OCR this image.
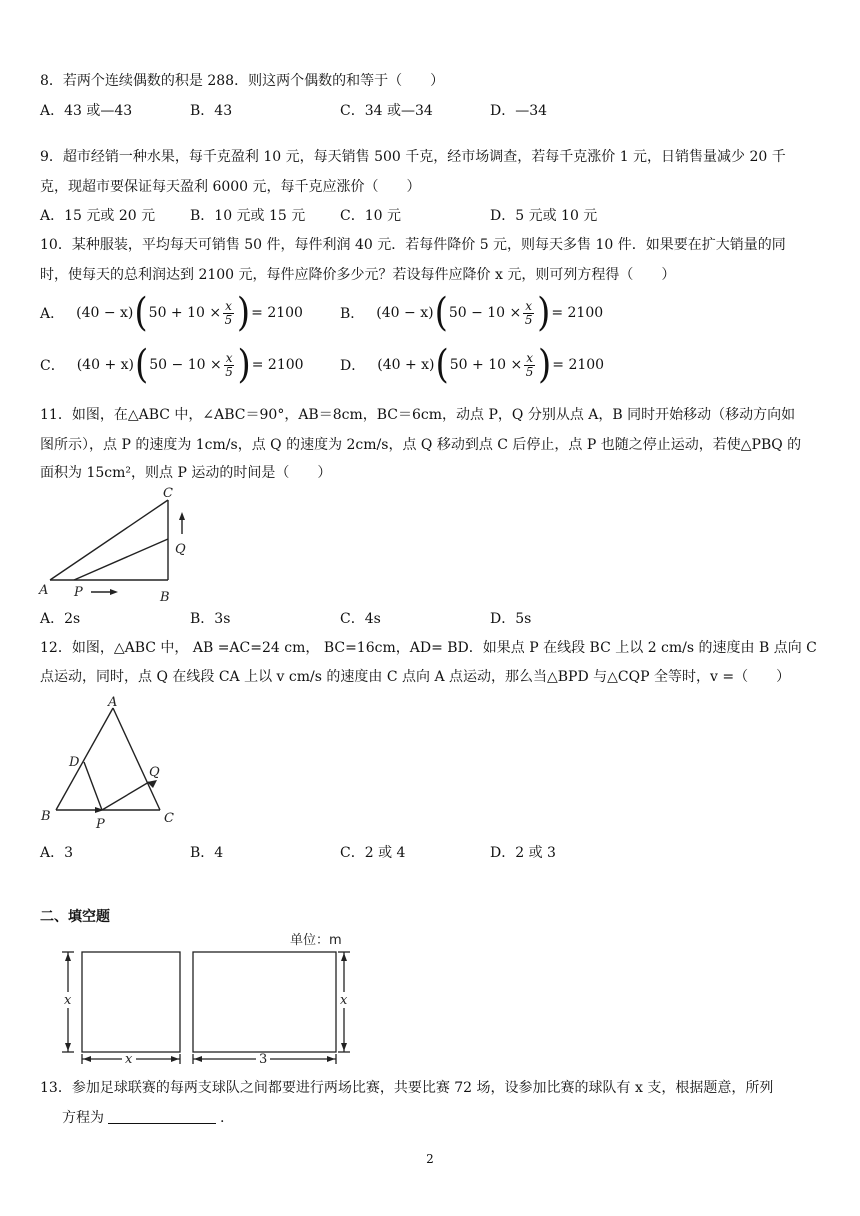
8．若两个连续偶数的积是 288．则这两个偶数的和等于（　　）
A．43 或—43	B．43	C．34 或—34	D．—34
9．超市经销一种水果，每千克盈利 10 元，每天销售 500 千克，经市场调查，若每千克涨价 1 元，日销售量减少 20 千
克，现超市要保证每天盈利 6000 元，每千克应涨价（　　）
A．15 元或 20 元 B．10 元或 15 元 C．10 元	D．5 元或 10 元
10．某种服装，平均每天可销售 50 件，每件利润 40 元．若每件降价 5 元，则每天多售 10 件．如果要在扩大销量的同
时，使每天的总利润达到 2100 元，每件应降价多少元？若设每件应降价 x 元，则可列方程得（　　）
A． (40 − x) ( $50 + 10 \times \frac{x}{5}$ ) = 2100	B． (40 − x) ( $50 - 10 \times \frac{x}{5}$ ) = 2100
C． (40 + x) ( $50 - 10 \times \frac{x}{5}$ ) = 2100	D． (40 + x) ( $50 + 10 \times \frac{x}{5}$ ) = 2100
11．如图，在△ABC 中，∠ABC＝90°，AB＝8cm，BC＝6cm，动点 P，Q 分别从点 A，B 同时开始移动（移动方向如
图所示），点 P 的速度为 1cm/s，点 Q 的速度为 2cm/s，点 Q 移动到点 C 后停止，点 P 也随之停止运动，若使△PBQ 的
面积为 15cm²，则点 P 运动的时间是（　　）
A	B
C
P
Q
A．2s	B．3s	C．4s	D．5s
12．如图，△ABC 中， AB =AC=24 cm， BC=16cm，AD= BD．如果点 P 在线段 BC 上以 2 cm/s 的速度由 B 点向 C
点运动，同时，点 Q 在线段 CA 上以 v cm/s 的速度由 C 点向 A 点运动，那么当△BPD 与△CQP 全等时，v =（　　）
A
B	C
D
P
Q
A．3	B．4	C．2 或 4	D．2 或 3
二、填空题
单位：m
x
x	3
x
13．参加足球联赛的每两支球队之间都要进行两场比赛，共要比赛 72 场，设参加比赛的球队有 x 支，根据题意，所列
方程为	.
2
